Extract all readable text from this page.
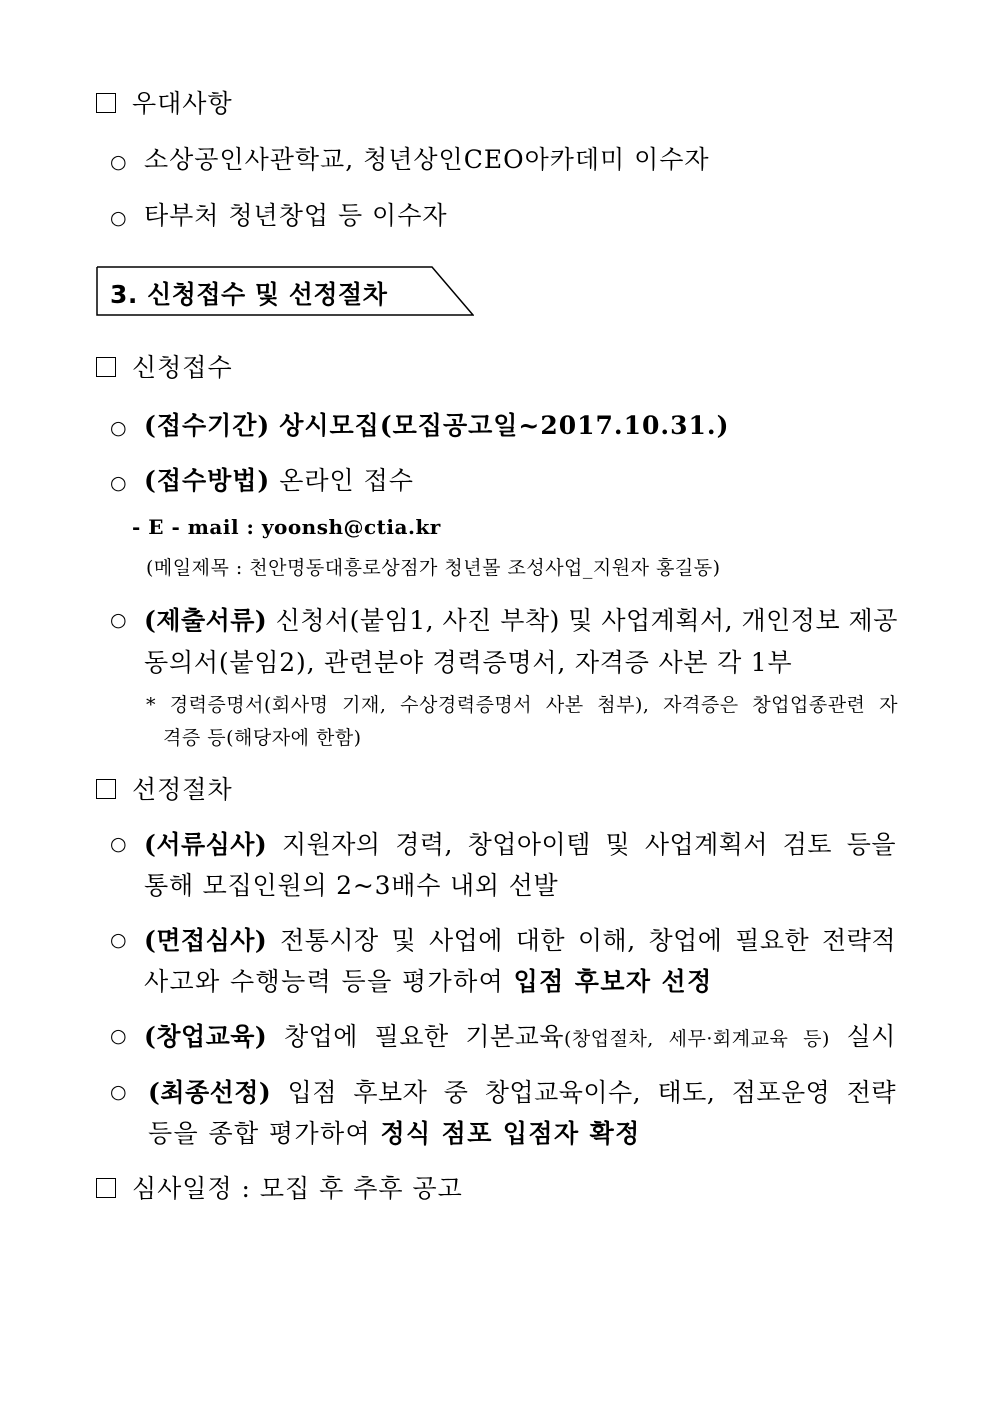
우대사항
○ 소상공인사관학교, 청년상인CEO아카데미 이수자
○ 타부처 청년창업 등 이수자
3. 신청접수 및 선정절차
신청접수
○ (접수기간) 상시모집(모집공고일~2017.10.31.)
○ (접수방법) 온라인 접수
- E - mail : yoonsh@ctia.kr
(메일제목 : 천안명동대흥로상점가 청년몰 조성사업_지원자 홍길동)
○ (제출서류) 신청서(붙임1, 사진 부착) 및 사업계획서, 개인정보 제공
동의서(붙임2), 관련분야 경력증명서, 자격증 사본 각 1부
* 경력증명서(회사명 기재, 수상경력증명서 사본 첨부), 자격증은 창업업종관련 자
격증 등(해당자에 한함)
선정절차
○ (서류심사) 지원자의 경력, 창업아이템 및 사업계획서 검토 등을
통해 모집인원의 2~3배수 내외 선발
○ (면접심사) 전통시장 및 사업에 대한 이해, 창업에 필요한 전략적
사고와 수행능력 등을 평가하여 입점 후보자 선정
○ (창업교육) 창업에 필요한 기본교육(창업절차, 세무·회계교육 등) 실시
○ (최종선정) 입점 후보자 중 창업교육이수, 태도, 점포운영 전략
등을 종합 평가하여 정식 점포 입점자 확정
심사일정 : 모집 후 추후 공고
